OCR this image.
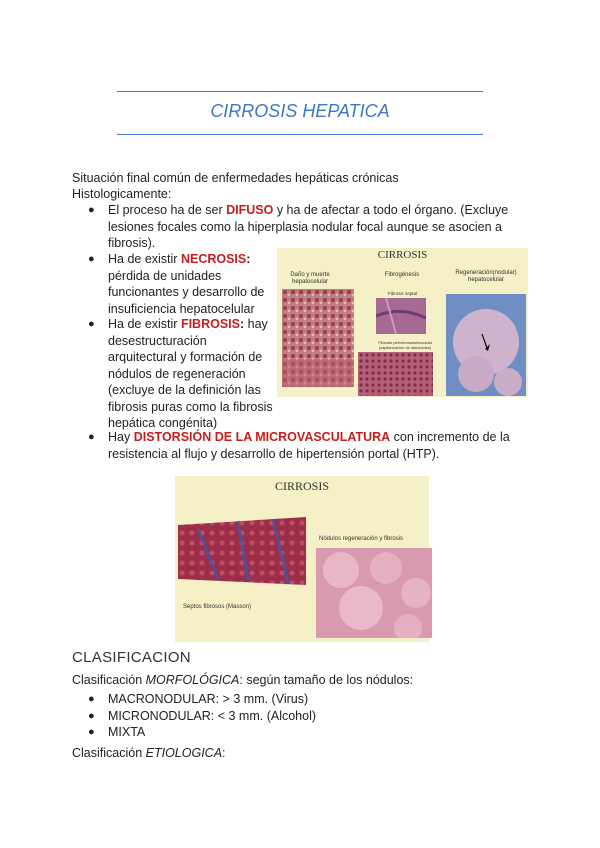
CIRROSIS HEPATICA
Situación final común de enfermedades hepáticas crónicas
Histologicamente:
● El proceso ha de ser DIFUSO y ha de afectar a todo el órgano. (Excluye
lesiones focales como la hiperplasia nodular focal aunque se asocien a
fibrosis).
● Ha de existir NECROSIS:
pérdida de unidades
funcionantes y desarrollo de
insuficiencia hepatocelular
● Ha de existir FIBROSIS: hay
desestructuración
arquitectural y formación de
nódulos de regeneración
(excluye de la definición las
fibrosis puras como la fibrosis
hepática congénita)
● Hay DISTORSIÓN DE LA MICROVASCULATURA con incremento de la
resistencia al flujo y desarrollo de hipertensión portal (HTP).
CIRROSIS
Daño y muerte hepatocelular
Fibrogénesis	Regeneración(nodular) hepatocelular
Fibrosis septal
Fibrosis perivenosa/sinusoidal (capilarización de sinusoides)
CIRROSIS
Septos fibrosos (Masson)
Nódulos regeneración y fibrosis
CLASIFICACION
Clasificación MORFOLÓGICA: según tamaño de los nódulos:
● MACRONODULAR: > 3 mm. (Virus)
● MICRONODULAR: < 3 mm. (Alcohol)
● MIXTA
Clasificación ETIOLOGICA:
